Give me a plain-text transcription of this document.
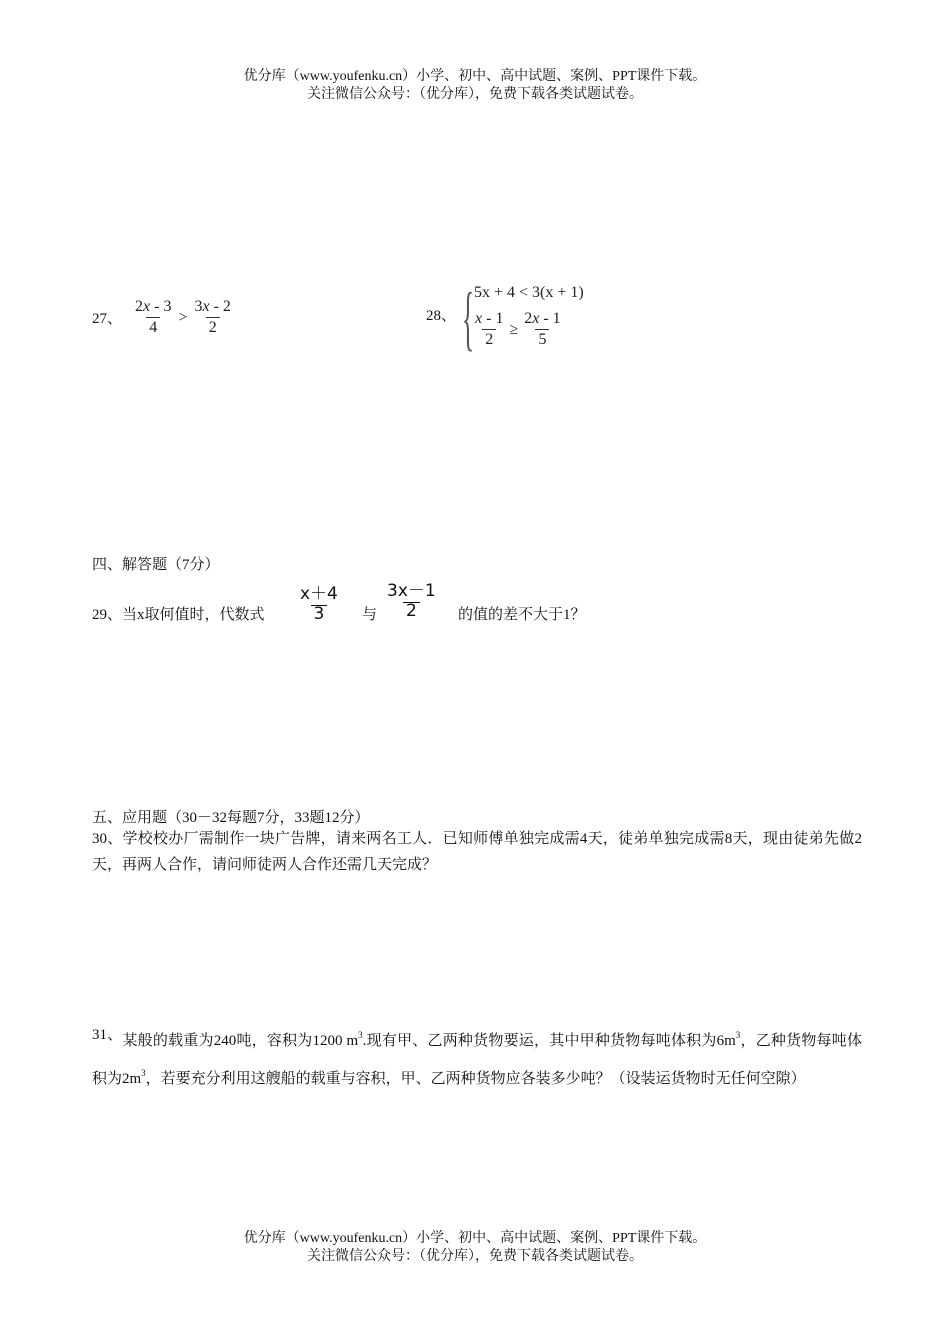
优分库（www.youfenku.cn）小学、初中、高中试题、案例、PPT课件下载。
关注微信公众号：（优分库），免费下载各类试题试卷。
27、 $\frac{2x - 3}{4} > \frac{3x - 2}{2}$	28、 { 5x + 4 < 3(x + 1)
$\frac{x - 1}{2} \ge \frac{2x - 1}{5}$
四、解答题（7分）
29、当x取何值时，代数式 $\frac{x+4}{3}$ 与 $\frac{3x-1}{2}$ 的值的差不大于1？
五、应用题（30－32每题7分，33题12分）
30、学校校办厂需制作一块广告牌，请来两名工人．已知师傅单独完成需4天，徒弟单独完成需8天，现由徒弟先做2天，再两人合作，请问师徒两人合作还需几天完成？
31、某般的载重为240吨，容积为1200 $m^3$.现有甲、乙两种货物要运，其中甲种货物每吨体积为$6m^3$，乙种货物每吨体积为$2m^3$，若要充分利用这艘船的载重与容积，甲、乙两种货物应各装多少吨？（设装运货物时无任何空隙）
优分库（www.youfenku.cn）小学、初中、高中试题、案例、PPT课件下载。
关注微信公众号：（优分库），免费下载各类试题试卷。
